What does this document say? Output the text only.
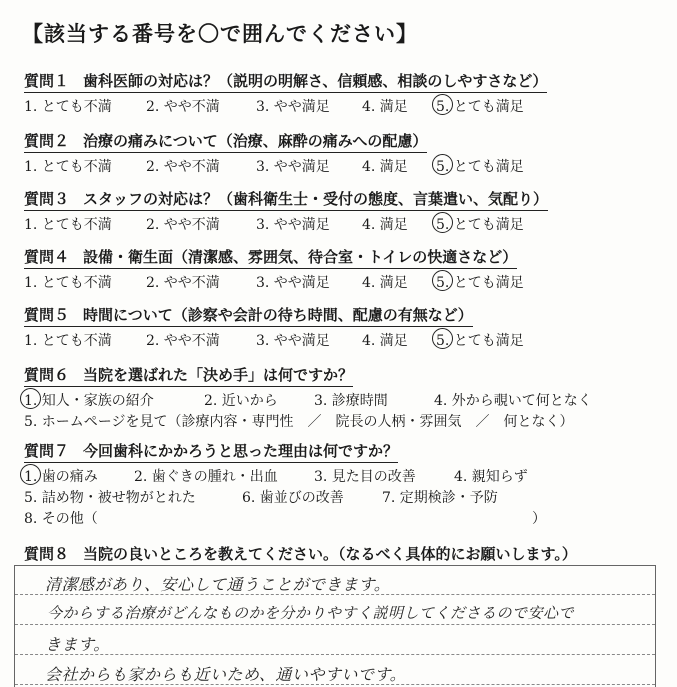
【該当する番号を〇で囲んでください】
質問１ 歯科医師の対応は？（説明の明解さ、信頼感、相談のしやすさなど）
1. とても不満 2. やや不満	3. やや満足 4. 満足 5. とても満足
質問２ 治療の痛みについて（治療、麻酔の痛みへの配慮）
1. とても不満 2. やや不満	3. やや満足 4. 満足 5. とても満足
質問３ スタッフの対応は？（歯科衛生士・受付の態度、言葉遣い、気配り）
1. とても不満 2. やや不満	3. やや満足 4. 満足 5. とても満足
質問４ 設備・衛生面（清潔感、雰囲気、待合室・トイレの快適さなど）
1. とても不満 2. やや不満	3. やや満足 4. 満足 5. とても満足
質問５ 時間について（診察や会計の待ち時間、配慮の有無など）
1. とても不満 2. やや不満	3. やや満足 4. 満足 5. とても満足
質問６ 当院を選ばれた「決め手」は何ですか？
1. 知人・家族の紹介	2. 近いから	3. 診療時間	4. 外から覗いて何となく
5. ホームページを見て（診療内容・専門性　／　院長の人柄・雰囲気　／　何となく）
質問７ 今回歯科にかかろうと思った理由は何ですか？
1. 歯の痛み	2. 歯ぐきの腫れ・出血	3. 見た目の改善	4. 親知らず
5. 詰め物・被せ物がとれた	6. 歯並びの改善	7. 定期検診・予防
8. その他（	）
質問８ 当院の良いところを教えてください。（なるべく具体的にお願いします。）
清潔感があり、安心して通うことができます。
今からする治療がどんなものかを分かりやすく説明してくださるので安心で
きます。
会社からも家からも近いため、通いやすいです。
